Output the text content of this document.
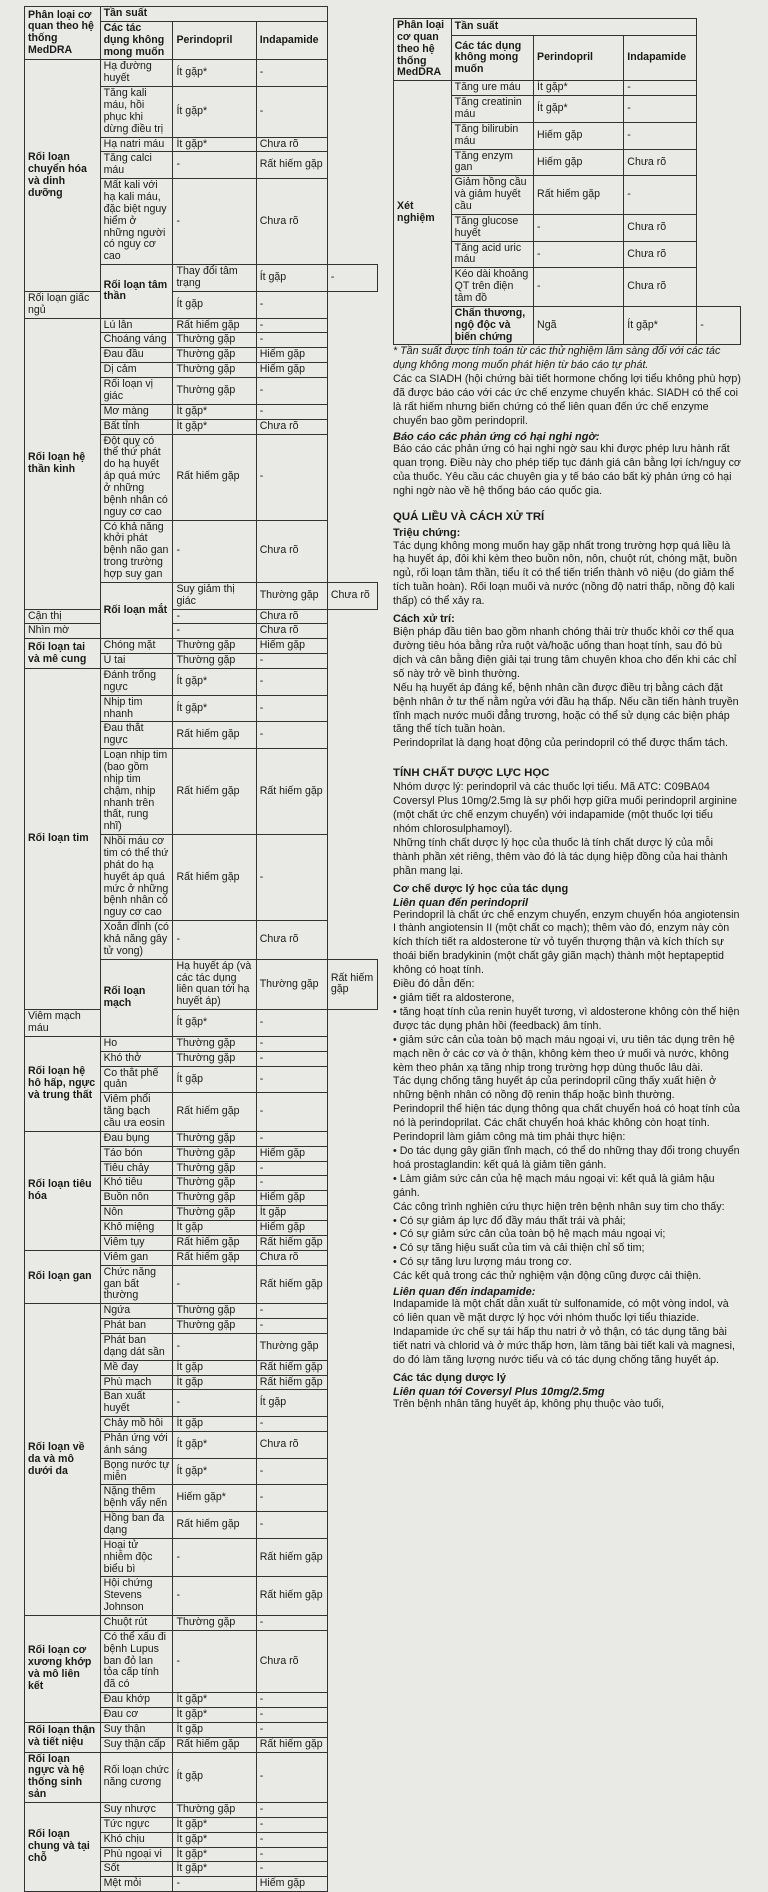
Phân loại cơ quan theo hệ thống MedDRA	Tần suất			
	Các tác dụng không mong muốn	Perindopril	Indapamide	
Rối loạn chuyển hóa và dinh dưỡng	Hạ đường huyết	Ít gặp*	-	
	Tăng kali máu, hồi phục khi dừng điều trị	Ít gặp*	-	
	Hạ natri máu	Ít gặp*	Chưa rõ	
	Tăng calci máu	-	Rất hiếm gặp	
	Mất kali với hạ kali máu, đặc biệt nguy hiểm ở những người có nguy cơ cao	-	Chưa rõ	
	Rối loạn tâm thần	Thay đổi tâm trạng	Ít gặp	-
Rối loạn giấc ngủ		Ít gặp	-	
Rối loạn hệ thần kinh	Lú lẫn	Rất hiếm gặp	-	
	Choáng váng	Thường gặp	-	
	Đau đầu	Thường gặp	Hiếm gặp	
	Dị cảm	Thường gặp	Hiếm gặp	
	Rối loạn vị giác	Thường gặp	-	
	Mơ màng	Ít gặp*	-	
	Bất tỉnh	Ít gặp*	Chưa rõ	
	Đột quỵ có thể thứ phát do hạ huyết áp quá mức ở những bệnh nhân có nguy cơ cao	Rất hiếm gặp	-	
	Có khả năng khởi phát bệnh não gan trong trường hợp suy gan	-	Chưa rõ	
	Rối loạn mắt	Suy giảm thị giác	Thường gặp	Chưa rõ
Cận thị		-	Chưa rõ	
Nhìn mờ		-	Chưa rõ	
Rối loạn tai và mê cung	Chóng mặt	Thường gặp	Hiếm gặp	
	Ù tai	Thường gặp	-	
Rối loạn tim	Đánh trống ngực	Ít gặp*	-	
	Nhịp tim nhanh	Ít gặp*	-	
	Đau thắt ngực	Rất hiếm gặp	-	
	Loạn nhịp tim (bao gồm nhịp tim chậm, nhịp nhanh trên thất, rung nhĩ)	Rất hiếm gặp	Rất hiếm gặp	
	Nhồi máu cơ tim có thể thứ phát do hạ huyết áp quá mức ở những bệnh nhân có nguy cơ cao	Rất hiếm gặp	-	
	Xoắn đỉnh (có khả năng gây tử vong)	-	Chưa rõ	
	Rối loạn mạch	Hạ huyết áp (và các tác dụng liên quan tới hạ huyết áp)	Thường gặp	Rất hiếm gặp
Viêm mạch máu		Ít gặp*	-	
Rối loạn hệ hô hấp, ngực và trung thất	Ho	Thường gặp	-	
	Khó thở	Thường gặp	-	
	Co thắt phế quản	Ít gặp	-	
	Viêm phổi tăng bạch cầu ưa eosin	Rất hiếm gặp	-	
Rối loạn tiêu hóa	Đau bụng	Thường gặp	-	
	Táo bón	Thường gặp	Hiếm gặp	
	Tiêu chảy	Thường gặp	-	
	Khó tiêu	Thường gặp	-	
	Buồn nôn	Thường gặp	Hiếm gặp	
	Nôn	Thường gặp	Ít gặp	
	Khô miệng	Ít gặp	Hiếm gặp	
	Viêm tụy	Rất hiếm gặp	Rất hiếm gặp	
Rối loạn gan	Viêm gan	Rất hiếm gặp	Chưa rõ	
	Chức năng gan bất thường	-	Rất hiếm gặp	
Rối loạn về da và mô dưới da	Ngứa	Thường gặp	-	
	Phát ban	Thường gặp	-	
	Phát ban dạng dát sần	-	Thường gặp	
	Mề đay	Ít gặp	Rất hiếm gặp	
	Phù mạch	Ít gặp	Rất hiếm gặp	
	Ban xuất huyết	-	Ít gặp	
	Chảy mồ hôi	Ít gặp	-	
	Phản ứng với ánh sáng	Ít gặp*	Chưa rõ	
	Bọng nước tự miễn	Ít gặp*	-	
	Nặng thêm bệnh vẩy nến	Hiếm gặp*	-	
	Hồng ban đa dạng	Rất hiếm gặp	-	
	Hoại tử nhiễm độc biểu bì	-	Rất hiếm gặp	
	Hội chứng Stevens Johnson	-	Rất hiếm gặp	
Rối loạn cơ xương khớp và mô liên kết	Chuột rút	Thường gặp	-	
	Có thể xấu đi bệnh Lupus ban đỏ lan tỏa cấp tính đã có	-	Chưa rõ	
	Đau khớp	Ít gặp*	-	
	Đau cơ	Ít gặp*	-	
Rối loạn thận và tiết niệu	Suy thận	Ít gặp	-	
	Suy thận cấp	Rất hiếm gặp	Rất hiếm gặp	
Rối loạn ngực và hệ thống sinh sản	Rối loạn chức năng cương	Ít gặp	-	
Rối loạn chung và tại chỗ	Suy nhược	Thường gặp	-	
	Tức ngực	Ít gặp*	-	
	Khó chịu	Ít gặp*	-	
	Phù ngoại vi	Ít gặp*	-	
	Sốt	Ít gặp*	-	
	Mệt mỏi	-	Hiếm gặp	
Phân loại cơ quan theo hệ thống MedDRA	Tần suất			
	Các tác dụng không mong muốn	Perindopril	Indapamide	
Xét nghiệm	Tăng ure máu	Ít gặp*	-	
	Tăng creatinin máu	Ít gặp*	-	
	Tăng bilirubin máu	Hiếm gặp	-	
	Tăng enzym gan	Hiếm gặp	Chưa rõ	
	Giảm hồng cầu và giảm huyết cầu	Rất hiếm gặp	-	
	Tăng glucose huyết	-	Chưa rõ	
	Tăng acid uric máu	-	Chưa rõ	
	Kéo dài khoảng QT trên điện tâm đồ	-	Chưa rõ	
	Chấn thương, ngộ độc và biến chứng	Ngã	Ít gặp*	-

* Tần suất được tính toán từ các thử nghiệm lâm sàng đối với các tác dụng không mong muốn phát hiện từ báo cáo tự phát.

Các ca SIADH (hội chứng bài tiết hormone chống lợi tiểu không phù hợp) đã được báo cáo với các ức chế enzyme chuyển khác. SIADH có thể coi là rất hiếm nhưng biến chứng có thể liên quan đến ức chế enzyme chuyển bao gồm perindopril.

Báo cáo các phản ứng có hại nghi ngờ:

Báo cáo các phản ứng có hại nghi ngờ sau khi được phép lưu hành rất quan trọng. Điều này cho phép tiếp tục đánh giá cân bằng lợi ích/nguy cơ của thuốc. Yêu cầu các chuyên gia y tế báo cáo bất kỳ phản ứng có hại nghi ngờ nào về hệ thống báo cáo quốc gia.

QUÁ LIỀU VÀ CÁCH XỬ TRÍ
Triệu chứng:

Tác dụng không mong muốn hay gặp nhất trong trường hợp quá liều là hạ huyết áp, đôi khi kèm theo buồn nôn, nôn, chuột rút, chóng mặt, buồn ngủ, rối loạn tâm thần, tiểu ít có thể tiến triển thành vô niệu (do giảm thể tích tuần hoàn). Rối loạn muối và nước (nồng độ natri thấp, nồng độ kali thấp) có thể xảy ra.

Cách xử trí:

Biện pháp đầu tiên bao gồm nhanh chóng thải trừ thuốc khỏi cơ thể qua đường tiêu hóa bằng rửa ruột và/hoặc uống than hoạt tính, sau đó bù dịch và cân bằng điện giải tại trung tâm chuyên khoa cho đến khi các chỉ số này trở về bình thường.

Nếu hạ huyết áp đáng kể, bệnh nhân cần được điều trị bằng cách đặt bệnh nhân ở tư thế nằm ngửa với đầu hạ thấp. Nếu cần tiến hành truyền tĩnh mạch nước muối đẳng trương, hoặc có thể sử dụng các biện pháp tăng thể tích tuần hoàn.

Perindoprilat là dạng hoạt động của perindopril có thể được thẩm tách.

TÍNH CHẤT DƯỢC LỰC HỌC

Nhóm dược lý: perindopril và các thuốc lợi tiểu. Mã ATC: C09BA04

Coversyl Plus 10mg/2.5mg là sự phối hợp giữa muối perindopril arginine (một chất ức chế enzym chuyển) với indapamide (một thuốc lợi tiểu nhóm chlorosulphamoyl).

Những tính chất dược lý học của thuốc là tính chất dược lý của mỗi thành phần xét riêng, thêm vào đó là tác dụng hiệp đồng của hai thành phần mang lại.

Cơ chế dược lý học của tác dụng
Liên quan đến perindopril

Perindopril là chất ức chế enzym chuyển, enzym chuyển hóa angiotensin I thành angiotensin II (một chất co mạch); thêm vào đó, enzym này còn kích thích tiết ra aldosterone từ vỏ tuyến thượng thận và kích thích sự thoái biến bradykinin (một chất gây giãn mạch) thành một heptapeptid không có hoạt tính.

Điều đó dẫn đến:

• giảm tiết ra aldosterone,

• tăng hoạt tính của renin huyết tương, vì aldosterone không còn thể hiện được tác dụng phản hồi (feedback) âm tính.

• giảm sức cản của toàn bộ mạch máu ngoại vi, ưu tiên tác dụng trên hệ mạch nền ở các cơ và ở thận, không kèm theo ứ muối và nước, không kèm theo phản xạ tăng nhịp trong trường hợp dùng thuốc lâu dài.

Tác dụng chống tăng huyết áp của perindopril cũng thấy xuất hiện ở những bệnh nhân có nồng độ renin thấp hoặc bình thường.

Perindopril thể hiện tác dụng thông qua chất chuyển hoá có hoạt tính của nó là perindoprilat. Các chất chuyển hoá khác không còn hoạt tính.

Perindopril làm giảm công mà tim phải thực hiện:

• Do tác dụng gây giãn tĩnh mạch, có thể do những thay đổi trong chuyển hoá prostaglandin: kết quả là giảm tiền gánh.

• Làm giảm sức cản của hệ mạch máu ngoại vi: kết quả là giảm hậu gánh.

Các công trình nghiên cứu thực hiện trên bệnh nhân suy tim cho thấy:

• Có sự giảm áp lực đổ đầy máu thất trái và phải;

• Có sự giảm sức cản của toàn bộ hệ mạch máu ngoại vi;

• Có sự tăng hiệu suất của tim và cải thiện chỉ số tim;

• Có sự tăng lưu lượng máu trong cơ.

Các kết quả trong các thử nghiệm vận động cũng được cải thiện.

Liên quan đến indapamide:

Indapamide là một chất dẫn xuất từ sulfonamide, có một vòng indol, và có liên quan về mặt dược lý học với nhóm thuốc lợi tiểu thiazide. Indapamide ức chế sự tái hấp thu natri ở vỏ thận, có tác dụng tăng bài tiết natri và chlorid và ở mức thấp hơn, làm tăng bài tiết kali và magnesi, do đó làm tăng lượng nước tiểu và có tác dụng chống tăng huyết áp.

Các tác dụng dược lý
Liên quan tới Coversyl Plus 10mg/2.5mg

Trên bệnh nhân tăng huyết áp, không phụ thuộc vào tuổi,
